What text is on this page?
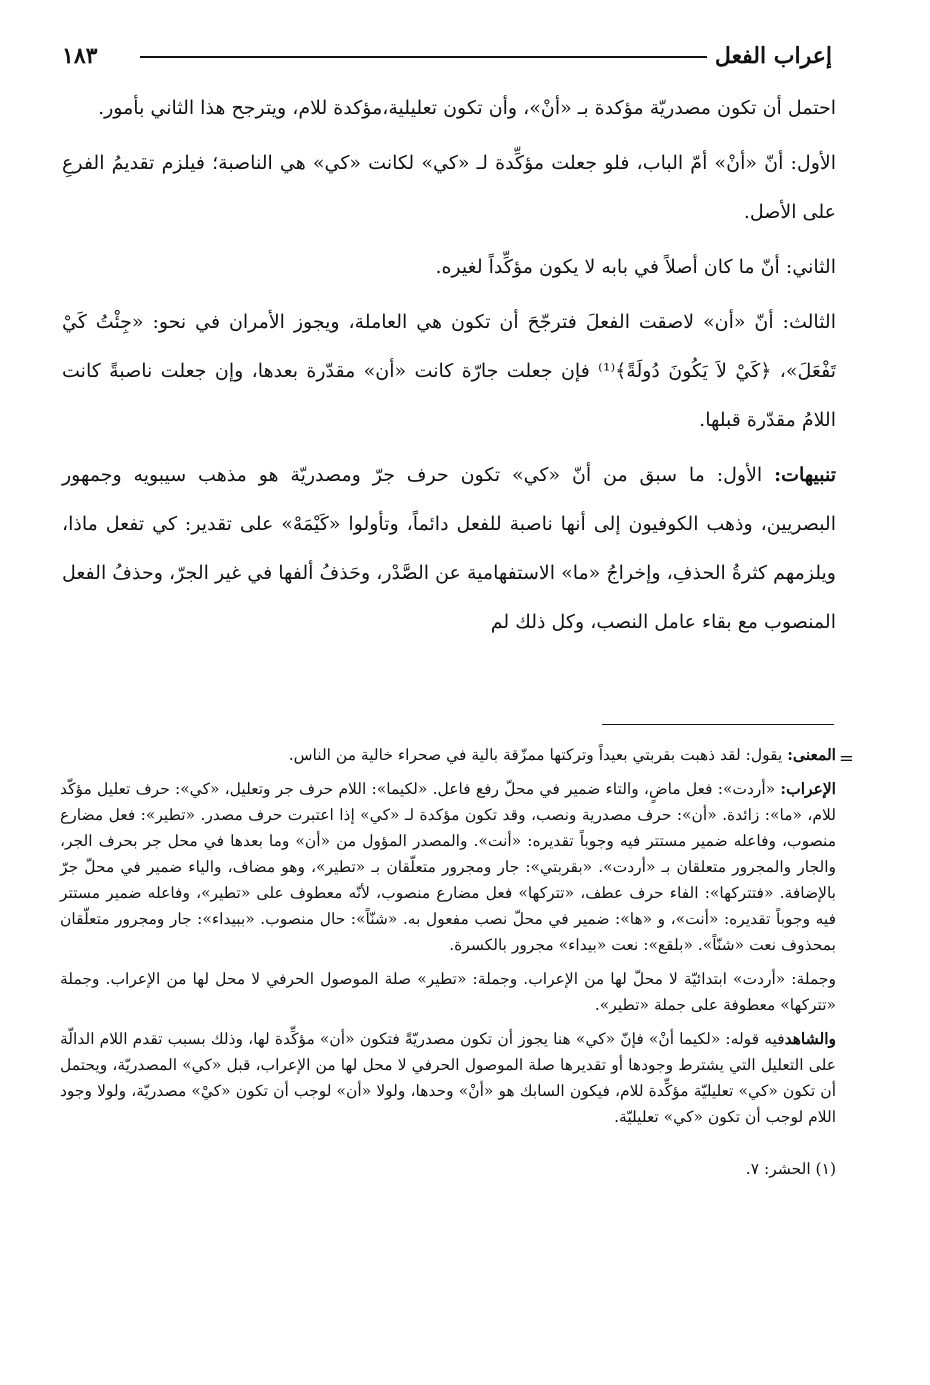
إعراب الفعل
١٨٣

احتمل أن تكون مصدريّة مؤكدة بـ «أنْ»، وأن تكون تعليلية،مؤكدة للام، ويترجح هذا الثاني بأمور.

الأول: أنّ «أنْ» أمّ الباب، فلو جعلت مؤكِّدة لـ «كي» لكانت «كي» هي الناصبة؛ فيلزم تقديمُ الفرعِ على الأصل.

الثاني: أنّ ما كان أصلاً في بابه لا يكون مؤكِّداً لغيره.

الثالث: أنّ «أن» لاصقت الفعلَ فترجّحَ أن تكون هي العاملة، ويجوز الأمران في نحو: «جِئْتُ كَيْ تَفْعَلَ»، ﴿كَيْ لاَ يَكُونَ دُولَةً﴾⁽¹⁾ فإن جعلت جارّة كانت «أن» مقدّرة بعدها، وإن جعلت ناصبةً كانت اللامُ مقدّرة قبلها.

تنبيهات: الأول: ما سبق من أنّ «كي» تكون حرف جرّ ومصدريّة هو مذهب سيبويه وجمهور البصريين، وذهب الكوفيون إلى أنها ناصبة للفعل دائماً، وتأولوا «كَيْمَهْ» على تقدير: كي تفعل ماذا، ويلزمهم كثرةُ الحذفِ، وإخراجُ «ما» الاستفهامية عن الصَّدْر، وحَذفُ ألفها في غير الجرّ، وحذفُ الفعل المنصوب مع بقاء عامل النصب، وكل ذلك لم

=

المعنى: يقول: لقد ذهبت بقربتي بعيداً وتركتها ممزّقة بالية في صحراء خالية من الناس.

الإعراب: «أردت»: فعل ماضٍ، والتاء ضمير في محلّ رفع فاعل. «لكيما»: اللام حرف جر وتعليل، «كي»: حرف تعليل مؤكّد للام، «ما»: زائدة. «أن»: حرف مصدرية ونصب، وقد تكون مؤكدة لـ «كي» إذا اعتبرت حرف مصدر. «تطير»: فعل مضارع منصوب، وفاعله ضمير مستتر فيه وجوباً تقديره: «أنت». والمصدر المؤول من «أن» وما بعدها في محل جر بحرف الجر، والجار والمجرور متعلقان بـ «أردت». «بقربتي»: جار ومجرور متعلّقان بـ «تطير»، وهو مضاف، والياء ضمير في محلّ جرّ بالإضافة. «فتتركها»: الفاء حرف عطف، «تتركها» فعل مضارع منصوب، لأنّه معطوف على «تطير»، وفاعله ضمير مستتر فيه وجوباً تقديره: «أنت»، و «ها»: ضمير في محلّ نصب مفعول به. «شنّاً»: حال منصوب. «ببيداء»: جار ومجرور متعلّقان بمحذوف نعت «شنّاً». «بلقع»: نعت «بيداء» مجرور بالكسرة.

وجملة: «أردت» ابتدائيّة لا محلّ لها من الإعراب. وجملة: «تطير» صلة الموصول الحرفي لا محل لها من الإعراب. وجملة «تتركها» معطوفة على جملة «تطير».

والشاهدفيه قوله: «لكيما أنْ» فإنّ «كي» هنا يجوز أن تكون مصدريّةً فتكون «أن» مؤكِّدة لها، وذلك بسبب تقدم اللام الدالّة على التعليل التي يشترط وجودها أو تقديرها صلة الموصول الحرفي لا محل لها من الإعراب، قبل «كي» المصدريّة، ويحتمل أن تكون «كي» تعليليّة مؤكِّدة للام، فيكون السابك هو «أنْ» وحدها، ولولا «أن» لوجب أن تكون «كيْ» مصدريّة، ولولا وجود اللام لوجب أن تكون «كي» تعليليّة.

(١) الحشر: ٧.
